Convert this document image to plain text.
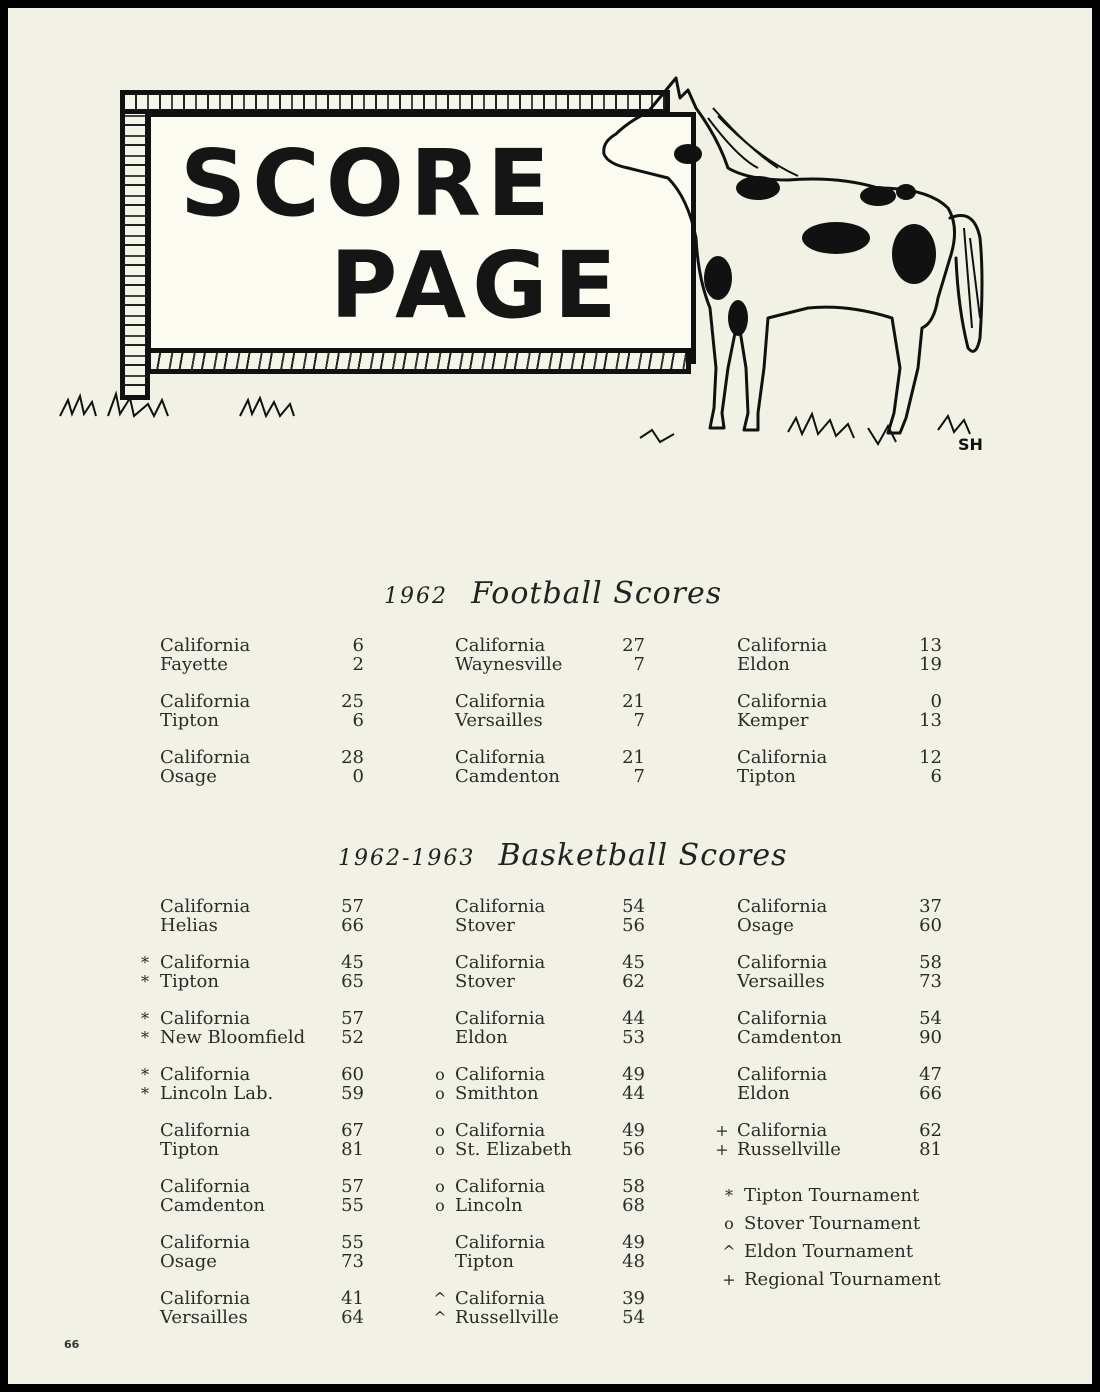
SCORE
PAGE
SH
1962 Football Scores
California	6
Fayette	2
California	25
Tipton	6
California	28
Osage	0
California	27
Waynesville	7
California	21
Versailles	7
California	21
Camdenton	7
California	13
Eldon	19
California	0
Kemper	13
California	12
Tipton	6
1962-1963 Basketball Scores
California	57
Helias	66
* California	45
* Tipton	65
* California	57
* New Bloomfield	52
* California	60
* Lincoln Lab.	59
California	67
Tipton	81
California	57
Camdenton	55
California	55
Osage	73
California	41
Versailles	64
California	54
Stover	56
California	45
Stover	62
California	44
Eldon	53
o California	49
o Smithton	44
o California	49
o St. Elizabeth	56
o California	58
o Lincoln	68
California	49
Tipton	48
^ California	39
^ Russellville	54
California	37
Osage	60
California	58
Versailles	73
California	54
Camdenton	90
California	47
Eldon	66
+ California	62
+ Russellville	81
* Tipton Tournament
o Stover Tournament
^ Eldon Tournament
+ Regional Tournament
66
